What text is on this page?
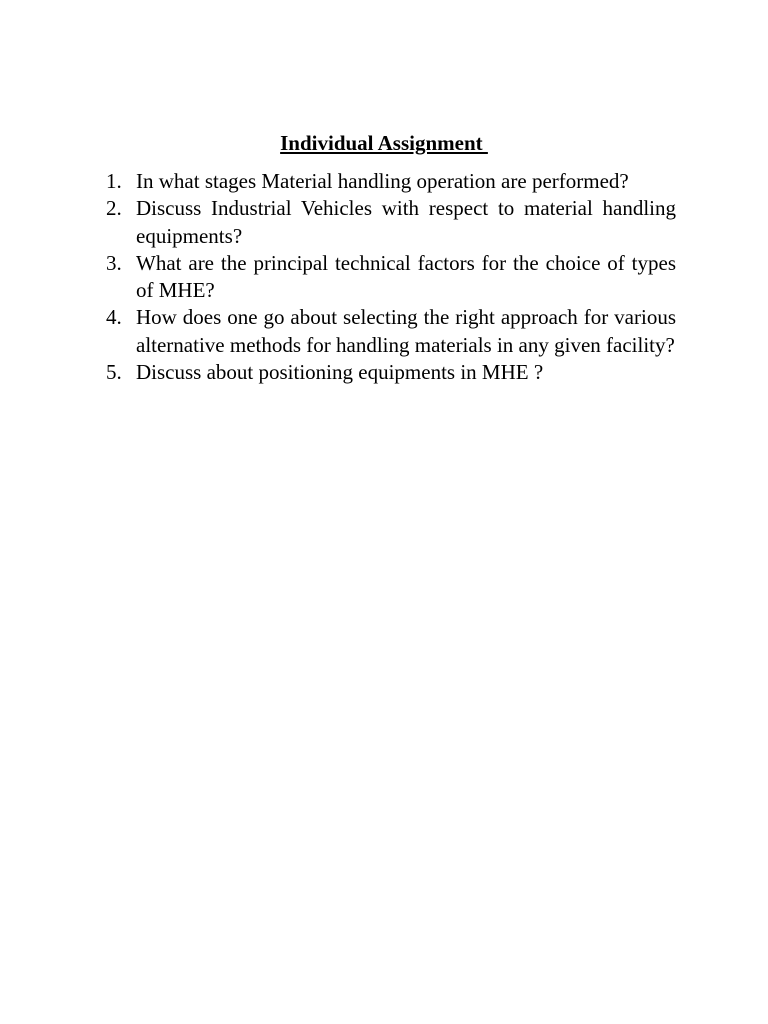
Individual Assignment
1. In what stages Material handling operation are performed?
2. Discuss Industrial Vehicles with respect to material handling equipments?
3. What are the principal technical factors for the choice of types of MHE?
4. How does one go about selecting the right approach for various alternative methods for handling materials in any given facility?
5. Discuss about positioning equipments in MHE ?
